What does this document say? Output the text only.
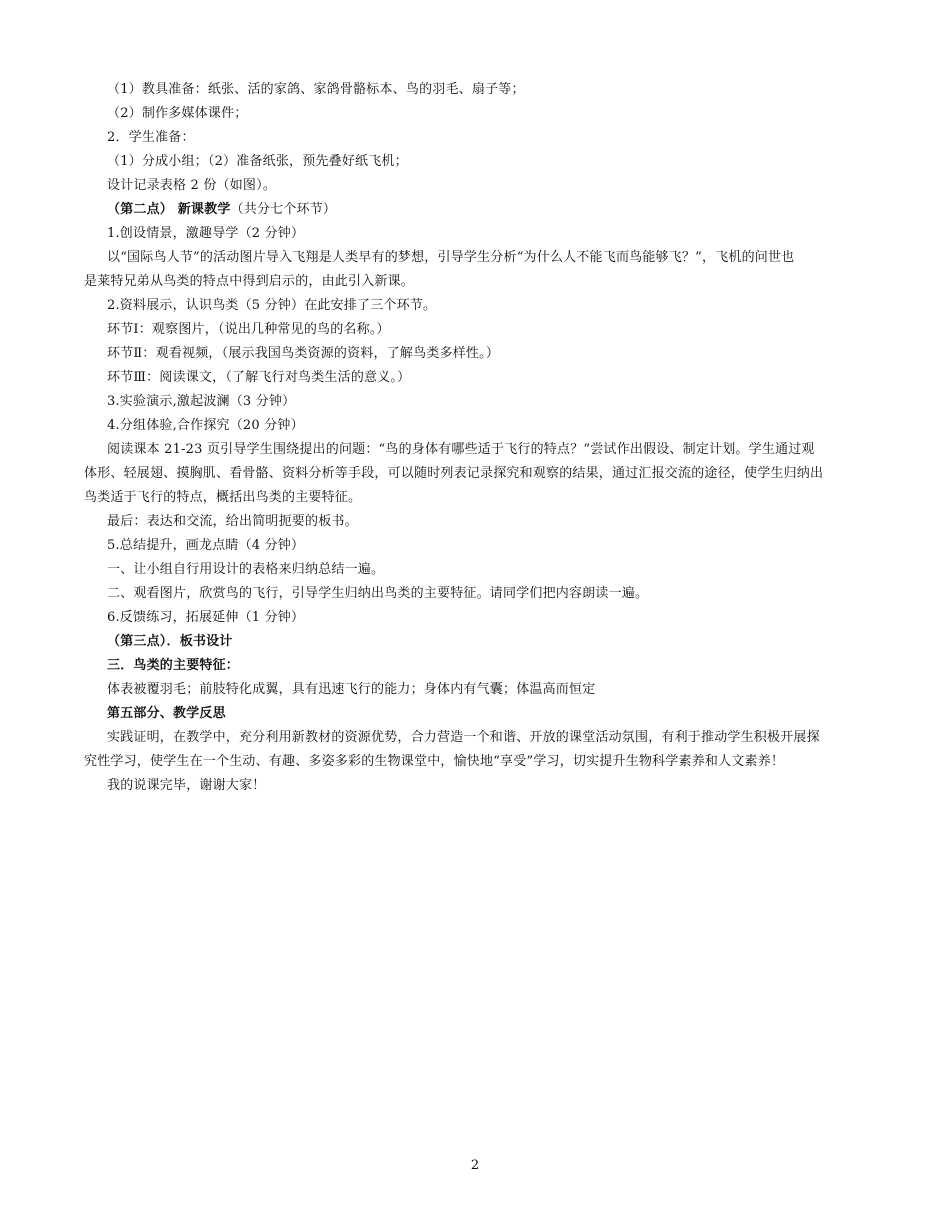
（1）教具准备：纸张、活的家鸽、家鸽骨骼标本、鸟的羽毛、扇子等；
（2）制作多媒体课件；
2．学生准备：
（1）分成小组；（2）准备纸张，预先叠好纸飞机；
设计记录表格 2 份（如图）。
（第二点） 新课教学（共分七个环节）
1.创设情景，激趣导学（2 分钟）
以“国际鸟人节”的活动图片导入飞翔是人类早有的梦想，引导学生分析“为什么人不能飞而鸟能够飞？”，飞机的问世也
是莱特兄弟从鸟类的特点中得到启示的，由此引入新课。
2.资料展示，认识鸟类（5 分钟）在此安排了三个环节。
环节Ⅰ：观察图片，（说出几种常见的鸟的名称。）
环节Ⅱ：观看视频，（展示我国鸟类资源的资料，了解鸟类多样性。）
环节Ⅲ：阅读课文，（了解飞行对鸟类生活的意义。）
3.实验演示,激起波澜（3 分钟）
4.分组体验,合作探究（20 分钟）
阅读课本 21-23 页引导学生围绕提出的问题：“鸟的身体有哪些适于飞行的特点？”尝试作出假设、制定计划。学生通过观
体形、轻展翅、摸胸肌、看骨骼、资料分析等手段，可以随时列表记录探究和观察的结果，通过汇报交流的途径，使学生归纳出
鸟类适于飞行的特点，概括出鸟类的主要特征。
最后：表达和交流，给出简明扼要的板书。
5.总结提升，画龙点睛（4 分钟）
一、让小组自行用设计的表格来归纳总结一遍。
二、观看图片，欣赏鸟的飞行，引导学生归纳出鸟类的主要特征。请同学们把内容朗读一遍。
6.反馈练习，拓展延伸（1 分钟）
（第三点）．板书设计
三．鸟类的主要特征：
体表被覆羽毛；前肢特化成翼，具有迅速飞行的能力；身体内有气囊；体温高而恒定
第五部分、教学反思
实践证明，在教学中，充分利用新教材的资源优势，合力营造一个和谐、开放的课堂活动氛围，有利于推动学生积极开展探
究性学习，使学生在一个生动、有趣、多姿多彩的生物课堂中，愉快地“享受”学习，切实提升生物科学素养和人文素养！
我的说课完毕，谢谢大家！
2
